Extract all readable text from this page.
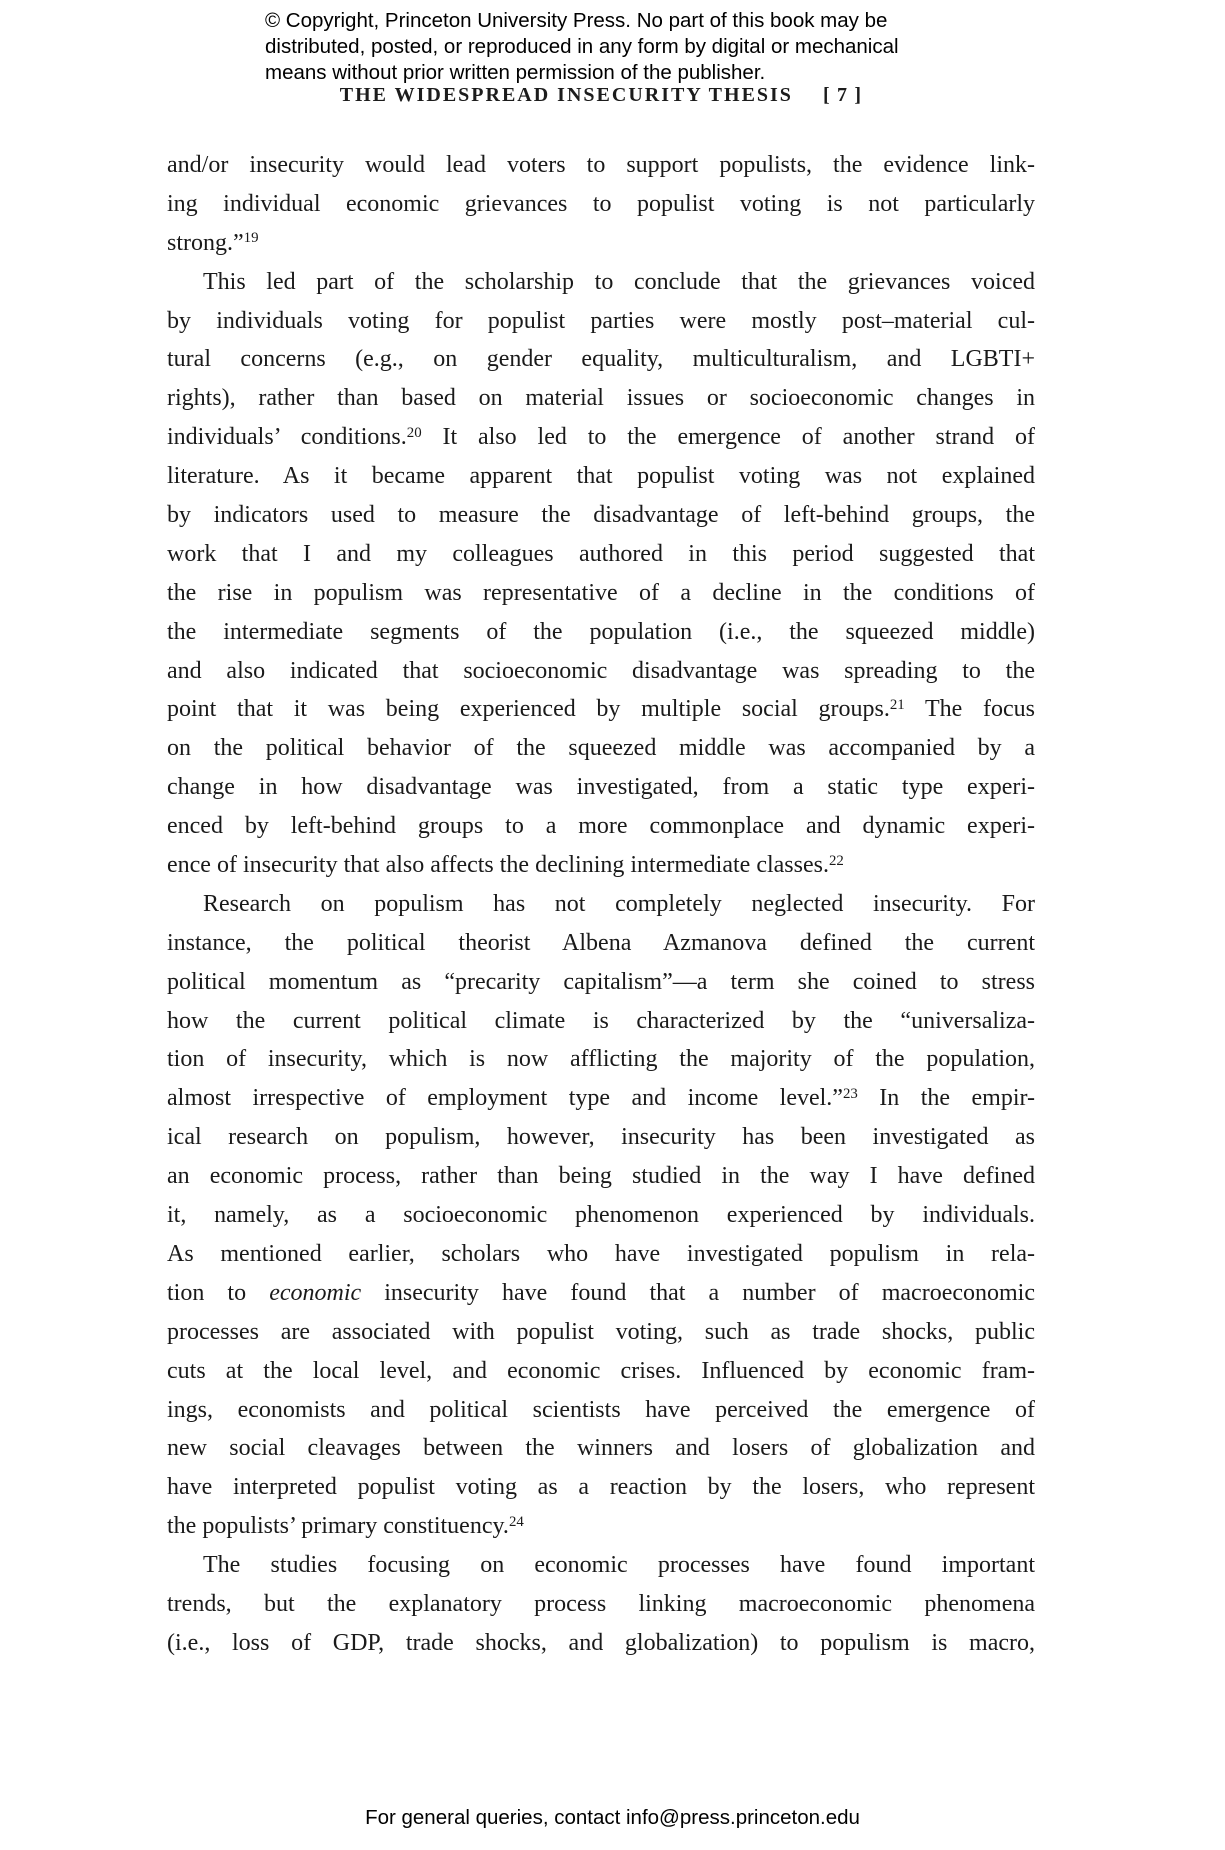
© Copyright, Princeton University Press. No part of this book may be
distributed, posted, or reproduced in any form by digital or mechanical
means without prior written permission of the publisher.
THE WIDESPREAD INSECURITY THESIS [ 7 ]
and/or insecurity would lead voters to support populists, the evidence link-
ing individual economic grievances to populist voting is not particularly
strong.”$^{19}$
This led part of the scholarship to conclude that the grievances voiced
by individuals voting for populist parties were mostly post–material cul-
tural concerns (e.g., on gender equality, multiculturalism, and LGBTI+
rights), rather than based on material issues or socioeconomic changes in
individuals’ conditions.$^{20}$ It also led to the emergence of another strand of
literature. As it became apparent that populist voting was not explained
by indicators used to measure the disadvantage of left-behind groups, the
work that I and my colleagues authored in this period suggested that
the rise in populism was representative of a decline in the conditions of
the intermediate segments of the population (i.e., the squeezed middle)
and also indicated that socioeconomic disadvantage was spreading to the
point that it was being experienced by multiple social groups.$^{21}$ The focus
on the political behavior of the squeezed middle was accompanied by a
change in how disadvantage was investigated, from a static type experi-
enced by left-behind groups to a more commonplace and dynamic experi-
ence of insecurity that also affects the declining intermediate classes.$^{22}$
Research on populism has not completely neglected insecurity. For
instance, the political theorist Albena Azmanova defined the current
political momentum as “precarity capitalism”—a term she coined to stress
how the current political climate is characterized by the “universaliza-
tion of insecurity, which is now afflicting the majority of the population,
almost irrespective of employment type and income level.”$^{23}$ In the empir-
ical research on populism, however, insecurity has been investigated as
an economic process, rather than being studied in the way I have defined
it, namely, as a socioeconomic phenomenon experienced by individuals.
As mentioned earlier, scholars who have investigated populism in rela-
tion to economic insecurity have found that a number of macroeconomic
processes are associated with populist voting, such as trade shocks, public
cuts at the local level, and economic crises. Influenced by economic fram-
ings, economists and political scientists have perceived the emergence of
new social cleavages between the winners and losers of globalization and
have interpreted populist voting as a reaction by the losers, who represent
the populists’ primary constituency.$^{24}$
The studies focusing on economic processes have found important
trends, but the explanatory process linking macroeconomic phenomena
(i.e., loss of GDP, trade shocks, and globalization) to populism is macro,
For general queries, contact info@press.princeton.edu
